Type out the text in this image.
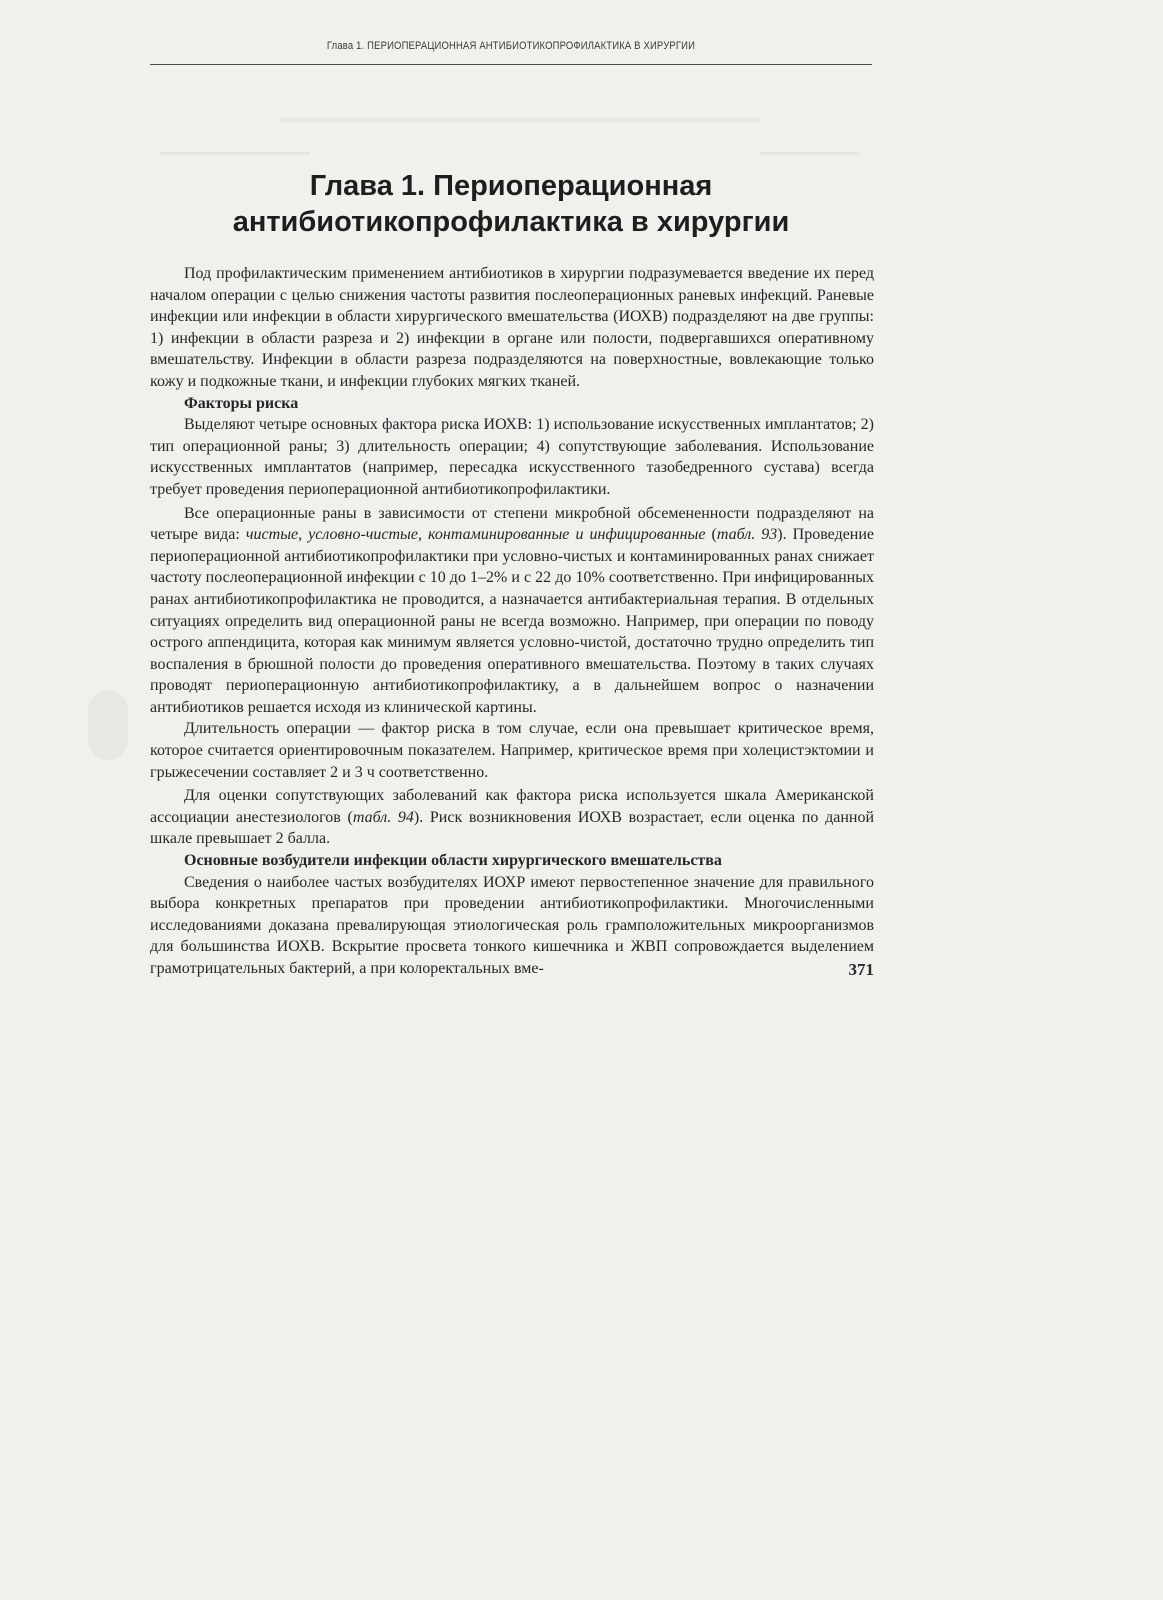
Глава 1. ПЕРИОПЕРАЦИОННАЯ АНТИБИОТИКОПРОФИЛАКТИКА В ХИРУРГИИ
Глава 1. Периоперационная
антибиотикопрофилактика в хирургии

Под профилактическим применением антибиотиков в хирургии подразумевается введение их перед началом операции с целью снижения частоты развития послеоперационных раневых инфекций. Раневые инфекции или инфекции в области хирургического вмешательства (ИОХВ) подразделяют на две группы: 1) инфекции в области разреза и 2) инфекции в органе или полости, подвергавшихся оперативному вмешательству. Инфекции в области разреза подразделяются на поверхностные, вовлекающие только кожу и подкожные ткани, и инфекции глубоких мягких тканей.

Факторы риска

Выделяют четыре основных фактора риска ИОХВ: 1) использование искусственных имплантатов; 2) тип операционной раны; 3) длительность операции; 4) сопутствующие заболевания. Использование искусственных имплантатов (например, пересадка искусственного тазобедренного сустава) всегда требует проведения периоперационной антибиотикопрофилактики.

Все операционные раны в зависимости от степени микробной обсемененности подразделяют на четыре вида: чистые, условно-чистые, контаминированные и инфицированные (табл. 93). Проведение периоперационной антибиотикопрофилактики при условно-чистых и контаминированных ранах снижает частоту послеоперационной инфекции с 10 до 1–2% и с 22 до 10% соответственно. При инфицированных ранах антибиотикопрофилактика не проводится, а назначается антибактериальная терапия. В отдельных ситуациях определить вид операционной раны не всегда возможно. Например, при операции по поводу острого аппендицита, которая как минимум является условно-чистой, достаточно трудно определить тип воспаления в брюшной полости до проведения оперативного вмешательства. Поэтому в таких случаях проводят периоперационную антибиотикопрофилактику, а в дальнейшем вопрос о назначении антибиотиков решается исходя из клинической картины.

Длительность операции — фактор риска в том случае, если она превышает критическое время, которое считается ориентировочным показателем. Например, критическое время при холецистэктомии и грыжесечении составляет 2 и 3 ч соответственно.

Для оценки сопутствующих заболеваний как фактора риска используется шкала Американской ассоциации анестезиологов (табл. 94). Риск возникновения ИОХВ возрастает, если оценка по данной шкале превышает 2 балла.

Основные возбудители инфекции области хирургического вмешательства

Сведения о наиболее частых возбудителях ИОХР имеют первостепенное значение для правильного выбора конкретных препаратов при проведении антибиотикопрофилактики. Многочисленными исследованиями доказана превалирующая этиологическая роль грамположительных микроорганизмов для большинства ИОХВ. Вскрытие просвета тонкого кишечника и ЖВП сопровождается выделением грамотрицательных бактерий, а при колоректальных вме-	371
